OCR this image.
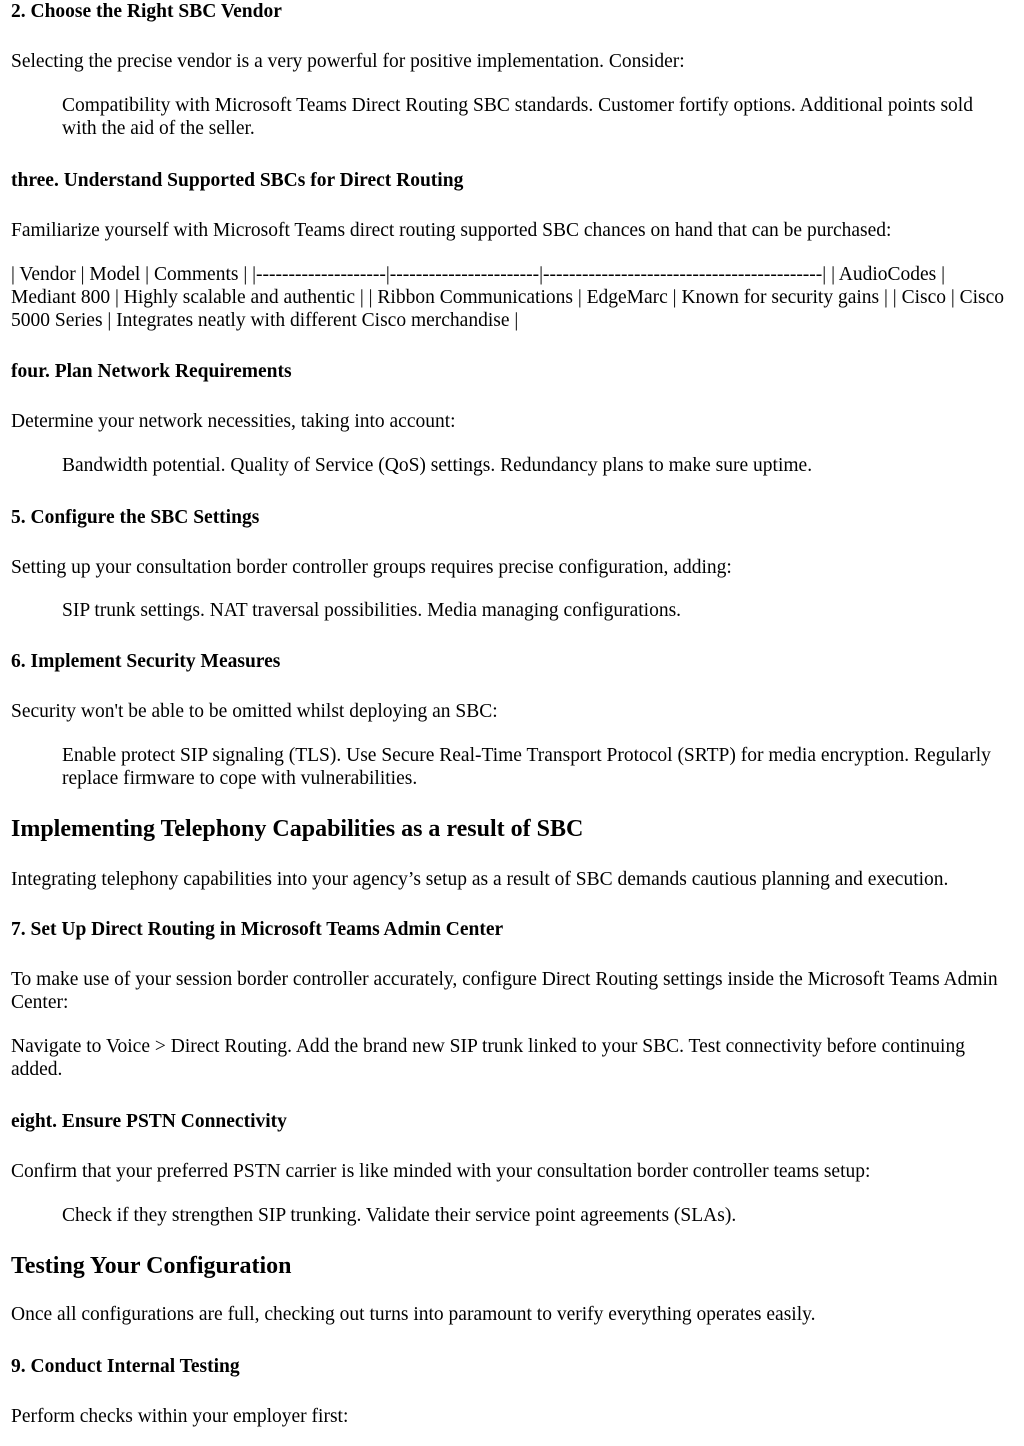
2. Choose the Right SBC Vendor

Selecting the precise vendor is a very powerful for positive implementation. Consider:

Compatibility with Microsoft Teams Direct Routing SBC standards. Customer fortify options. Additional points sold with the aid of the seller.

three. Understand Supported SBCs for Direct Routing

Familiarize yourself with Microsoft Teams direct routing supported SBC chances on hand that can be purchased:

| Vendor | Model | Comments | |--------------------|-----------------------|-------------------------------------------| | AudioCodes | Mediant 800 | Highly scalable and authentic | | Ribbon Communications | EdgeMarc | Known for security gains | | Cisco | Cisco 5000 Series | Integrates neatly with different Cisco merchandise |

four. Plan Network Requirements

Determine your network necessities, taking into account:

Bandwidth potential. Quality of Service (QoS) settings. Redundancy plans to make sure uptime.

5. Configure the SBC Settings

Setting up your consultation border controller groups requires precise configuration, adding:

SIP trunk settings. NAT traversal possibilities. Media managing configurations.

6. Implement Security Measures

Security won't be able to be omitted whilst deploying an SBC:

Enable protect SIP signaling (TLS). Use Secure Real-Time Transport Protocol (SRTP) for media encryption. Regularly replace firmware to cope with vulnerabilities.

Implementing Telephony Capabilities as a result of SBC

Integrating telephony capabilities into your agency’s setup as a result of SBC demands cautious planning and execution.

7. Set Up Direct Routing in Microsoft Teams Admin Center

To make use of your session border controller accurately, configure Direct Routing settings inside the Microsoft Teams Admin Center:

Navigate to Voice > Direct Routing. Add the brand new SIP trunk linked to your SBC. Test connectivity before continuing added.

eight. Ensure PSTN Connectivity

Confirm that your preferred PSTN carrier is like minded with your consultation border controller teams setup:

Check if they strengthen SIP trunking. Validate their service point agreements (SLAs).

Testing Your Configuration

Once all configurations are full, checking out turns into paramount to verify everything operates easily.

9. Conduct Internal Testing

Perform checks within your employer first:
